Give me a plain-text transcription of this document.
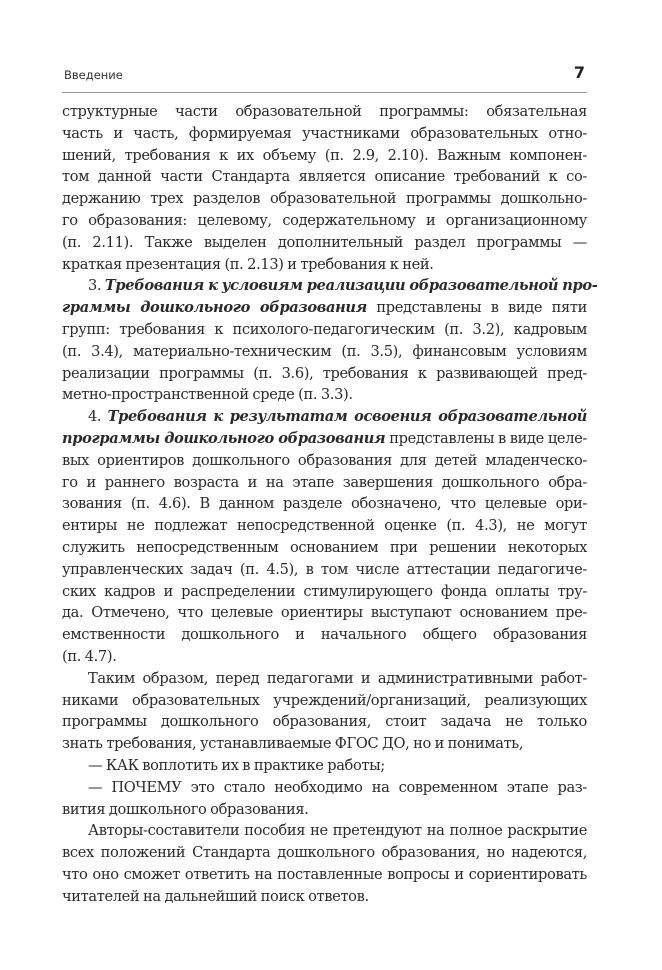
Введение	7
структурные части образовательной программы: обязательная
часть и часть, формируемая участниками образовательных отно-
шений, требования к их объему (п. 2.9, 2.10). Важным компонен-
том данной части Стандарта является описание требований к со-
держанию трех разделов образовательной программы дошкольно-
го образования: целевому, содержательному и организационному
(п. 2.11). Также выделен дополнительный раздел программы —
краткая презентация (п. 2.13) и требования к ней.
3. Требования к условиям реализации образовательной про-
граммы дошкольного образования представлены в виде пяти
групп: требования к психолого-педагогическим (п. 3.2), кадровым
(п. 3.4), материально-техническим (п. 3.5), финансовым условиям
реализации программы (п. 3.6), требования к развивающей пред-
метно-пространственной среде (п. 3.3).
4. Требования к результатам освоения образовательной
программы дошкольного образования представлены в виде целе-
вых ориентиров дошкольного образования для детей младенческо-
го и раннего возраста и на этапе завершения дошкольного обра-
зования (п. 4.6). В данном разделе обозначено, что целевые ори-
ентиры не подлежат непосредственной оценке (п. 4.3), не могут
служить непосредственным основанием при решении некоторых
управленческих задач (п. 4.5), в том числе аттестации педагогиче-
ских кадров и распределении стимулирующего фонда оплаты тру-
да. Отмечено, что целевые ориентиры выступают основанием пре-
емственности дошкольного и начального общего образования
(п. 4.7).
Таким образом, перед педагогами и административными работ-
никами образовательных учреждений/организаций, реализующих
программы дошкольного образования, стоит задача не только
знать требования, устанавливаемые ФГОС ДО, но и понимать,
— КАК воплотить их в практике работы;
— ПОЧЕМУ это стало необходимо на современном этапе раз-
вития дошкольного образования.
Авторы-составители пособия не претендуют на полное раскрытие
всех положений Стандарта дошкольного образования, но надеются,
что оно сможет ответить на поставленные вопросы и сориентировать
читателей на дальнейший поиск ответов.
